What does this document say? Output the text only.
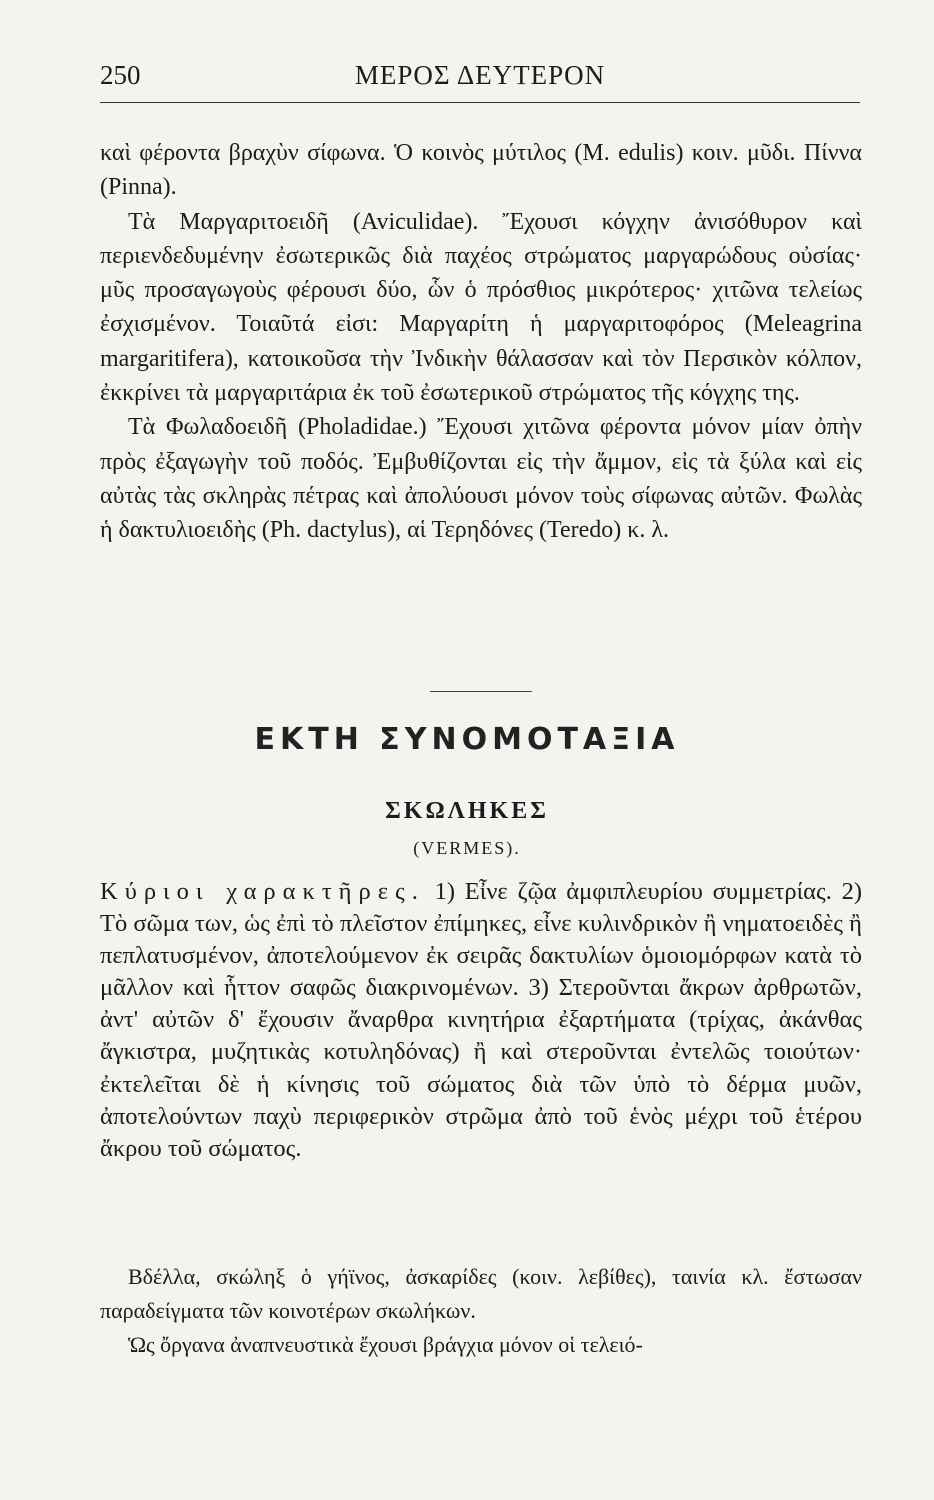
250	ΜΕΡΟΣ ΔΕΥΤΕΡΟΝ

καὶ φέροντα βραχὺν σίφωνα. Ὁ κοινὸς μύτιλος (M. edulis) κοιν. μῦδι. Πίννα (Pinna).

Τὰ Μαργαριτοειδῆ (Aviculidae). Ἔχουσι κόγχην ἀνισόθυρον καὶ περιενδεδυμένην ἐσωτερικῶς διὰ παχέος στρώματος μαργαρώδους οὐσίας· μῦς προσαγωγοὺς φέρουσι δύο, ὧν ὁ πρόσθιος μικρότερος· χιτῶνα τελείως ἐσχισμένον. Τοιαῦτά εἰσι: Μαργαρίτη ἡ μαργαριτοφόρος (Meleagrina margaritifera), κατοικοῦσα τὴν Ἰνδικὴν θάλασσαν καὶ τὸν Περσικὸν κόλπον, ἐκκρίνει τὰ μαργαριτάρια ἐκ τοῦ ἐσωτερικοῦ στρώματος τῆς κόγχης της.

Τὰ Φωλαδοειδῆ (Pholadidae.) Ἔχουσι χιτῶνα φέροντα μόνον μίαν ὀπὴν πρὸς ἐξαγωγὴν τοῦ ποδός. Ἐμβυθίζονται εἰς τὴν ἄμμον, εἰς τὰ ξύλα καὶ εἰς αὐτὰς τὰς σκληρὰς πέτρας καὶ ἀπολύουσι μόνον τοὺς σίφωνας αὐτῶν. Φωλὰς ἡ δακτυλιοειδὴς (Ph. dactylus), αἱ Τερηδόνες (Teredo) κ. λ.

ΕΚΤΗ ΣΥΝΟΜΟΤΑΞΙΑ
ΣΚΩΛΗΚΕΣ
(VERMES).
Κύριοι χαρακτῆρες. 1) Εἶνε ζῷα ἀμφιπλευρίου συμμετρίας. 2) Τὸ σῶμα των, ὡς ἐπὶ τὸ πλεῖστον ἐπίμηκες, εἶνε κυλινδρικὸν ἢ νηματοειδὲς ἢ πεπλατυσμένον, ἀποτελούμενον ἐκ σειρᾶς δακτυλίων ὁμοιομόρφων κατὰ τὸ μᾶλλον καὶ ἧττον σαφῶς διακρινομένων. 3) Στεροῦνται ἄκρων ἀρθρωτῶν, ἀντ' αὐτῶν δ' ἔχουσιν ἄναρθρα κινητήρια ἐξαρτήματα (τρίχας, ἀκάνθας ἄγκιστρα, μυζητικὰς κοτυληδόνας) ἢ καὶ στεροῦνται ἐντελῶς τοιούτων· ἐκτελεῖται δὲ ἡ κίνησις τοῦ σώματος διὰ τῶν ὑπὸ τὸ δέρμα μυῶν, ἀποτελούντων παχὺ περιφερικὸν στρῶμα ἀπὸ τοῦ ἑνὸς μέχρι τοῦ ἑτέρου ἄκρου τοῦ σώματος.

Βδέλλα, σκώληξ ὁ γήϊνος, ἀσκαρίδες (κοιν. λεβίθες), ταινία κλ. ἔστωσαν παραδείγματα τῶν κοινοτέρων σκωλήκων.

Ὡς ὄργανα ἀναπνευστικὰ ἔχουσι βράγχια μόνον οἱ τελειό-
